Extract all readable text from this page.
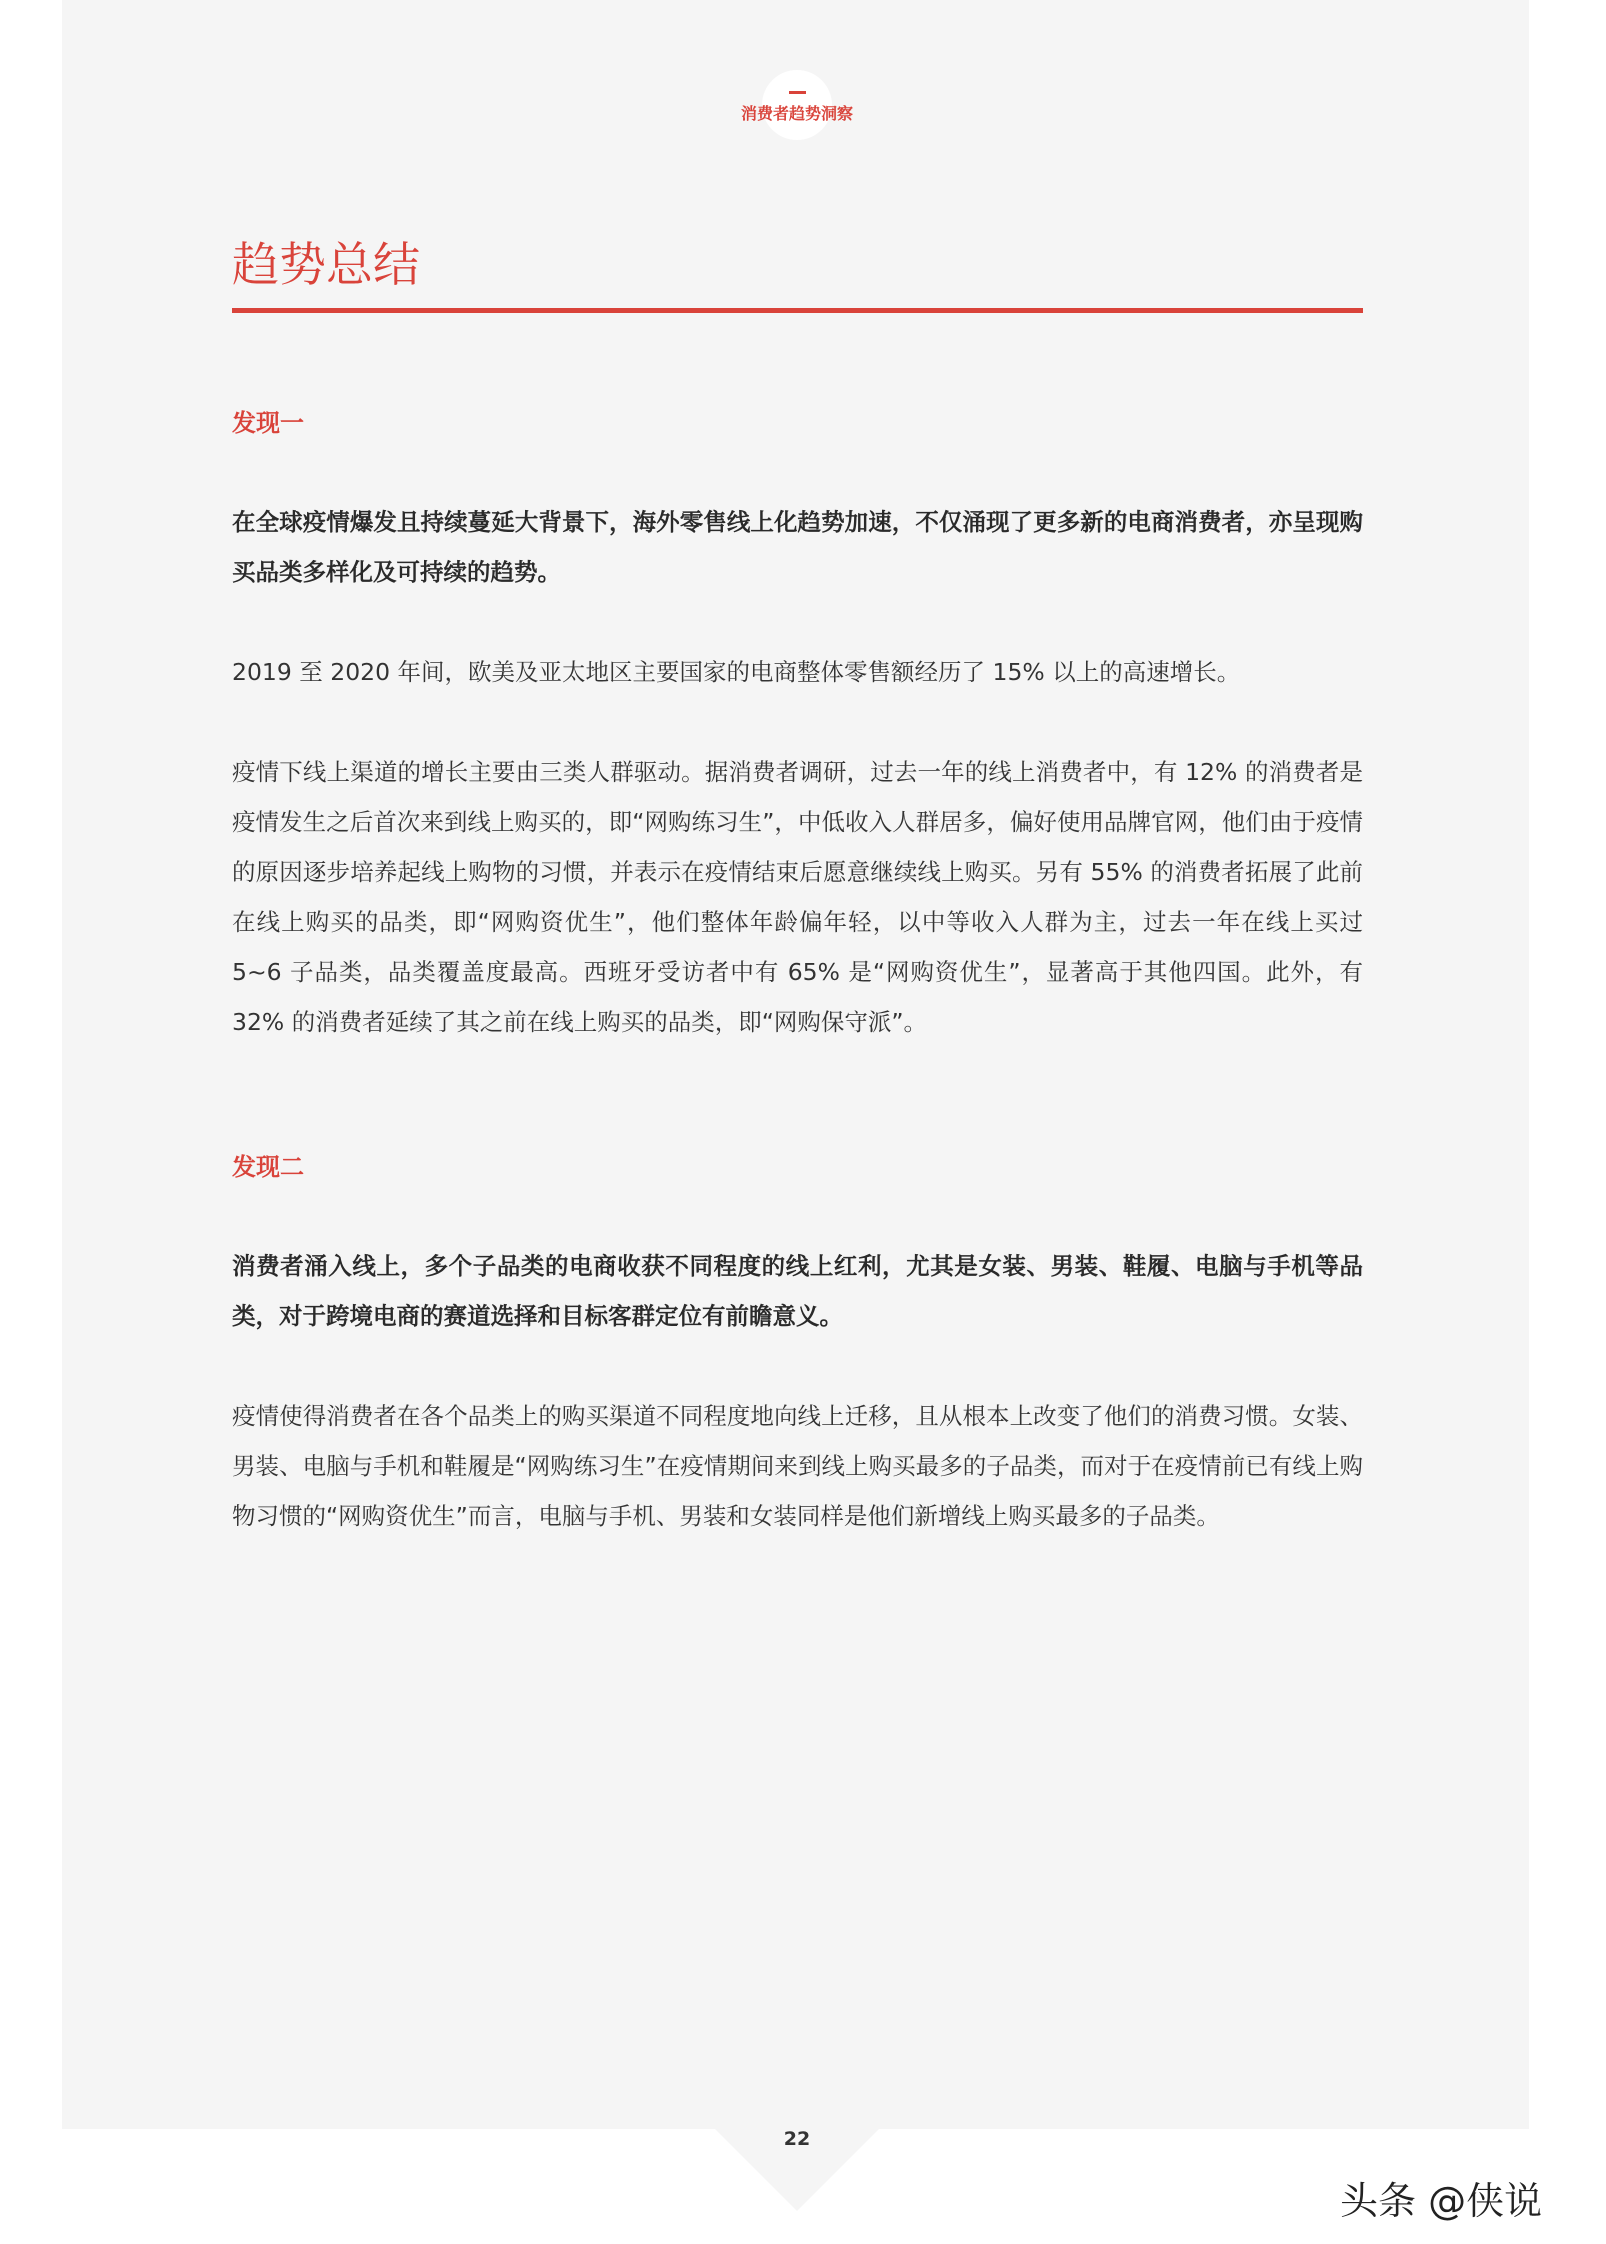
消费者趋势洞察
趋势总结
发现一

在全球疫情爆发且持续蔓延大背景下，海外零售线上化趋势加速，不仅涌现了更多新的电商消费者，亦呈现购买品类多样化及可持续的趋势。

2019 至 2020 年间，欧美及亚太地区主要国家的电商整体零售额经历了 15% 以上的高速增长。

疫情下线上渠道的增长主要由三类人群驱动。据消费者调研，过去一年的线上消费者中，有 12% 的消费者是疫情发生之后首次来到线上购买的，即“网购练习生”，中低收入人群居多，偏好使用品牌官网，他们由于疫情的原因逐步培养起线上购物的习惯，并表示在疫情结束后愿意继续线上购买。另有 55% 的消费者拓展了此前在线上购买的品类，即“网购资优生”，他们整体年龄偏年轻，以中等收入人群为主，过去一年在线上买过 5~6 子品类，品类覆盖度最高。西班牙受访者中有 65% 是“网购资优生”，显著高于其他四国。此外，有 32% 的消费者延续了其之前在线上购买的品类，即“网购保守派”。

发现二

消费者涌入线上，多个子品类的电商收获不同程度的线上红利，尤其是女装、男装、鞋履、电脑与手机等品类，对于跨境电商的赛道选择和目标客群定位有前瞻意义。

疫情使得消费者在各个品类上的购买渠道不同程度地向线上迁移，且从根本上改变了他们的消费习惯。女装、男装、电脑与手机和鞋履是“网购练习生”在疫情期间来到线上购买最多的子品类，而对于在疫情前已有线上购物习惯的“网购资优生”而言，电脑与手机、男装和女装同样是他们新增线上购买最多的子品类。

22
头条 @侠说
